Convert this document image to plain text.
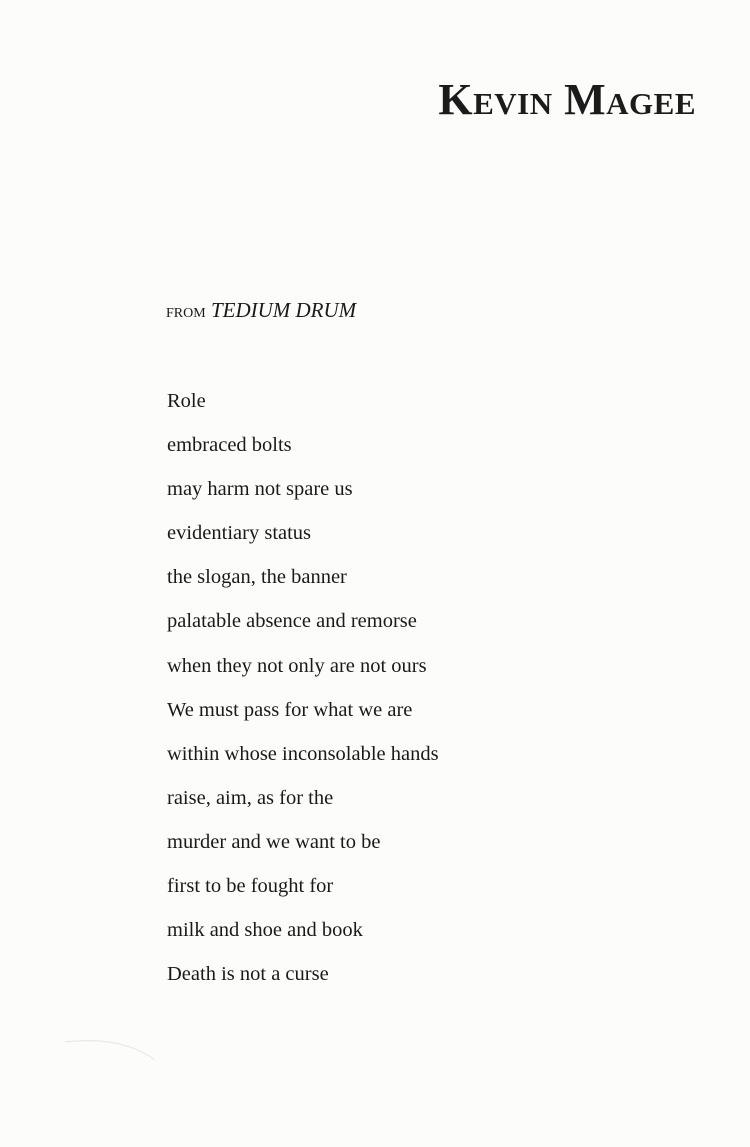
Kevin Magee
from TEDIUM DRUM
Role
embraced bolts
may harm not spare us
evidentiary status
the slogan, the banner
palatable absence and remorse
when they not only are not ours
We must pass for what we are
within whose inconsolable hands
raise, aim, as for the
murder and we want to be
first to be fought for
milk and shoe and book
Death is not a curse
